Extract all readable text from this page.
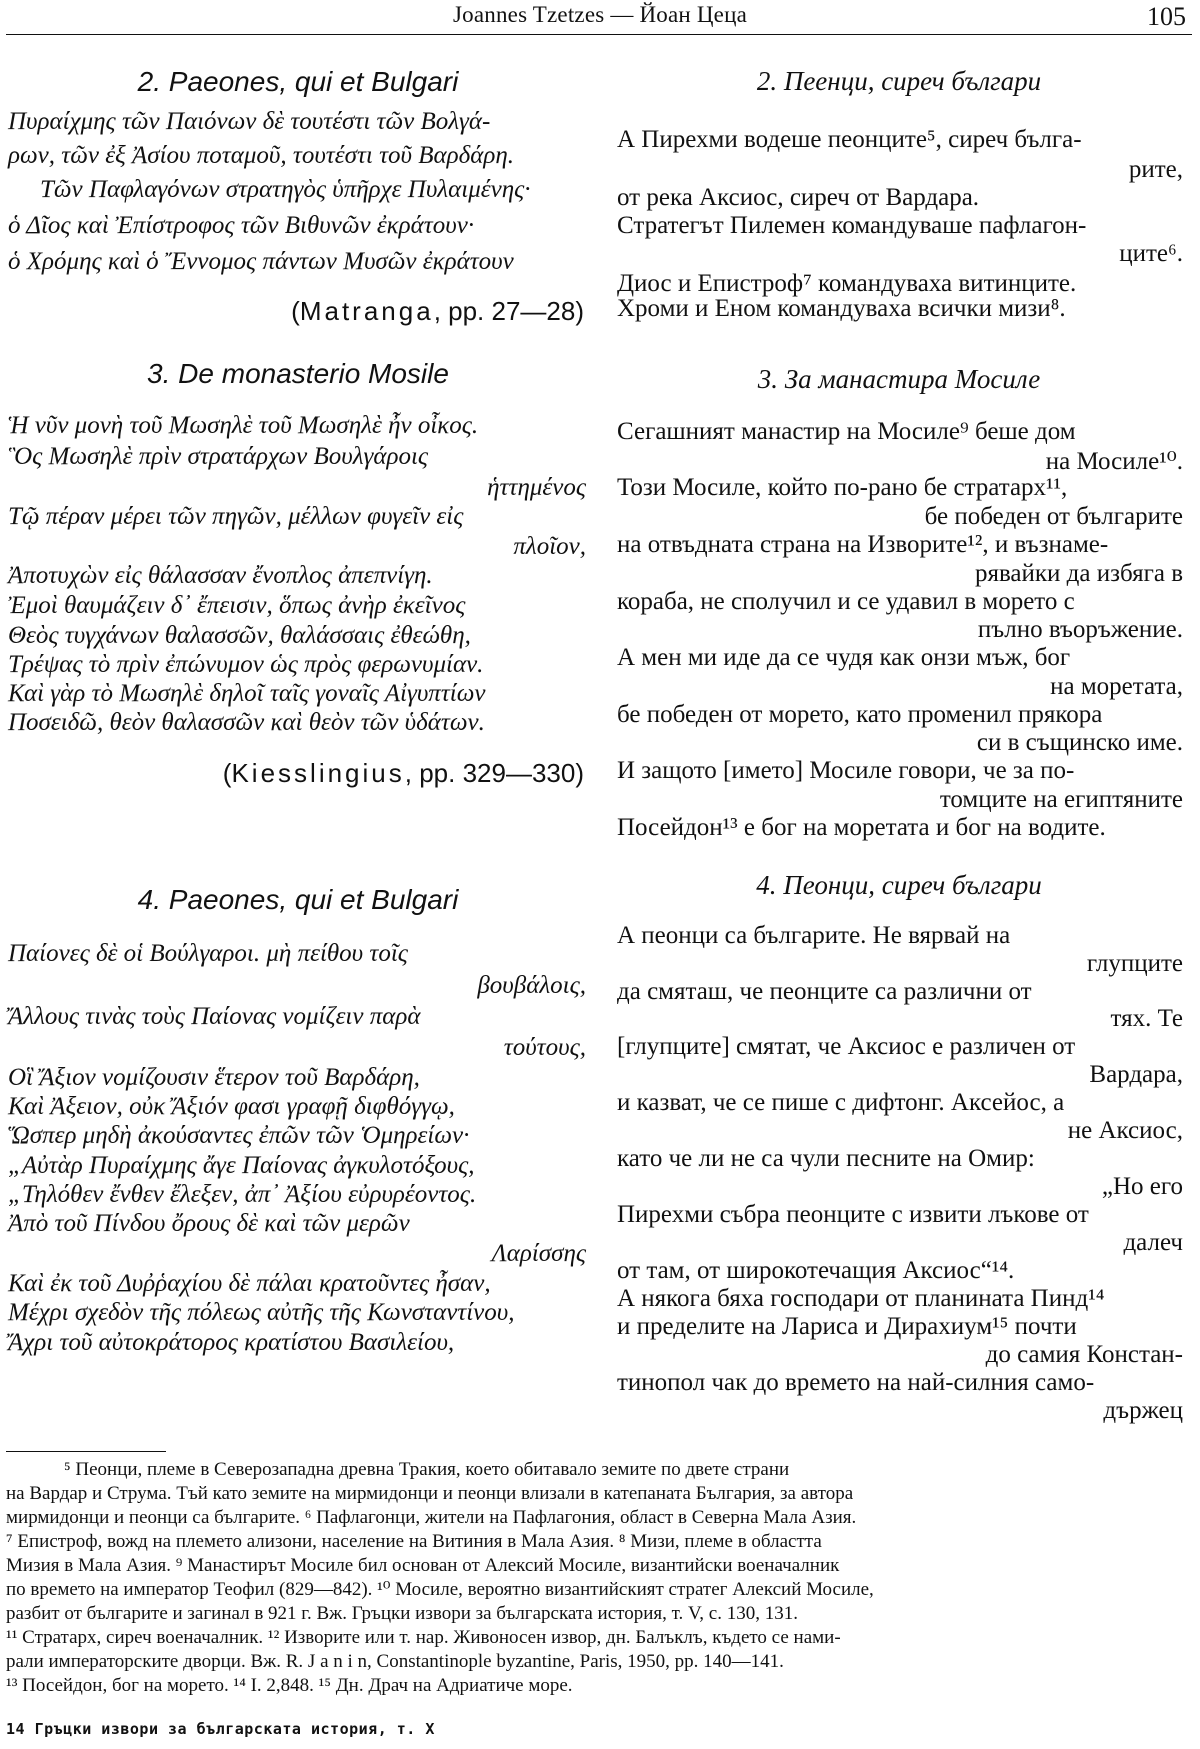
Joannes Tzetzes — Йоан Цеца	105
2. Paeones, qui et Bulgari
Πυραίχμης τῶν Παιόνων δὲ τουτέστι τῶν Βολγά-
ρων, τῶν ἐξ Ἀσίου ποταμοῦ, τουτέστι τοῦ Βαρδάρη.
Τῶν Παφλαγόνων στρατηγὸς ὑπῆρχε Πυλαιμένης·
ὁ Δῖος καὶ Ἐπίστροφος τῶν Βιθυνῶν ἐκράτουν·
ὁ Χρόμης καὶ ὁ Ἔννομος πάντων Μυσῶν ἐκράτουν
(Matranga, pp. 27—28)
3. De monasterio Mosile
Ἡ νῦν μονὴ τοῦ Μωσηλὲ τοῦ Μωσηλὲ ἦν οἶκος.
Ὃς Μωσηλὲ πρὶν στρατάρχων Βουλγάροις
ἡττημένος
Τῷ πέραν μέρει τῶν πηγῶν, μέλλων φυγεῖν εἰς
πλοῖον,
Ἀποτυχὼν εἰς θάλασσαν ἔνοπλος ἀπεπνίγη.
Ἐμοὶ θαυμάζειν δ᾽ ἔπεισιν, ὅπως ἀνὴρ ἐκεῖνος
Θεὸς τυγχάνων θαλασσῶν, θαλάσσαις ἐθεώθη,
Τρέψας τὸ πρὶν ἐπώνυμον ὡς πρὸς φερωνυμίαν.
Καὶ γὰρ τὸ Μωσηλὲ δηλοῖ ταῖς γοναῖς Αἰγυπτίων
Ποσειδῶ, θεὸν θαλασσῶν καὶ θεὸν τῶν ὑδάτων.
(Kiesslingius, pp. 329—330)
4. Paeones, qui et Bulgari
Παίονες δὲ οἱ Βούλγαροι. μὴ πείθου τοῖς
βουβάλοις,
Ἄλλους τινὰς τοὺς Παίονας νομίζειν παρὰ
τούτους,
Οἳ Ἄξιον νομίζουσιν ἕτερον τοῦ Βαρδάρη,
Καὶ Ἀξειον, οὐκ Ἄξιόν φασι γραφῇ διφθόγγῳ,
Ὥσπερ μηδὴ ἀκούσαντες ἐπῶν τῶν Ὁμηρείων·
„Αὐτὰρ Πυραίχμης ἄγε Παίονας ἀγκυλοτόξους,
„Τηλόθεν ἔνθεν ἔλεξεν, ἀπ᾽ Ἀξίου εὐρυρέοντος.
Ἀπὸ τοῦ Πίνδου ὄρους δὲ καὶ τῶν μερῶν
Λαρίσσης
Καὶ ἐκ τοῦ Δυῤῥαχίου δὲ πάλαι κρατοῦντες ἦσαν,
Μέχρι σχεδὸν τῆς πόλεως αὐτῆς τῆς Κωνσταντίνου,
Ἄχρι τοῦ αὐτοκράτορος κρατίστου Βασιλείου,
2. Пеенци, сиреч българи
А Пирехми водеше пеонците⁵, сиреч бълга-
рите,
от река Аксиос, сиреч от Вардара.
Стратегът Пилемен командуваше пафлагон-
ците⁶.
Диос и Епистроф⁷ командуваха витинците.
Хроми и Еном командуваха всички мизи⁸.
3. За манастира Мосиле
Сегашният манастир на Мосиле⁹ беше дом
на Мосиле¹⁰.
Този Мосиле, който по-рано бе стратарх¹¹,
бе победен от българите
на отвъдната страна на Изворите¹², и възнаме-
рявайки да избяга в
кораба, не сполучил и се удавил в морето с
пълно въоръжение.
А мен ми иде да се чудя как онзи мъж, бог
на моретата,
бе победен от морето, като променил прякора
си в същинско име.
И защото [името] Мосиле говори, че за по-
томците на египтяните
Посейдон¹³ е бог на моретата и бог на водите.
4. Пеонци, сиреч българи
А пеонци са българите. Не вярвай на
глупците
да смяташ, че пеонците са различни от
тях. Те
[глупците] смятат, че Аксиос е различен от
Вардара,
и казват, че се пише с дифтонг. Аксейос, а
не Аксиос,
като че ли не са чули песните на Омир:
„Но его
Пирехми събра пеонците с извити лъкове от
далеч
от там, от широкотечащия Аксиос“¹⁴.
А някога бяха господари от планината Пинд¹⁴
и пределите на Лариса и Дирахиум¹⁵ почти
до самия Констан-
тинопол чак до времето на най-силния само-
държец
⁵ Пеонци, племе в Северозападна древна Тракия, което обитавало земите по двете страни
на Вардар и Струма. Тъй като земите на мирмидонци и пеонци влизали в катепаната България, за автора
мирмидонци и пеонци са българите. ⁶ Пафлагонци, жители на Пафлагония, област в Северна Мала Азия.
⁷ Епистроф, вожд на племето ализони, население на Витиния в Мала Азия. ⁸ Мизи, племе в областта
Мизия в Мала Азия. ⁹ Манастирът Мосиле бил основан от Алексий Мосиле, византийски военачалник
по времето на император Теофил (829—842). ¹⁰ Мосиле, вероятно византийският стратег Алексий Мосиле,
разбит от българите и загинал в 921 г. Вж. Гръцки извори за българската история, т. V, с. 130, 131.
¹¹ Стратарх, сиреч военачалник. ¹² Изворите или т. нар. Живоносен извор, дн. Балъклъ, където се нами-
рали императорските дворци. Вж. R. J a n i n, Constantinople byzantine, Paris, 1950, pp. 140—141.
¹³ Посейдон, бог на морето. ¹⁴ I. 2,848. ¹⁵ Дн. Драч на Адриатиче море.
14 Гръцки извори за българската история, т. X
